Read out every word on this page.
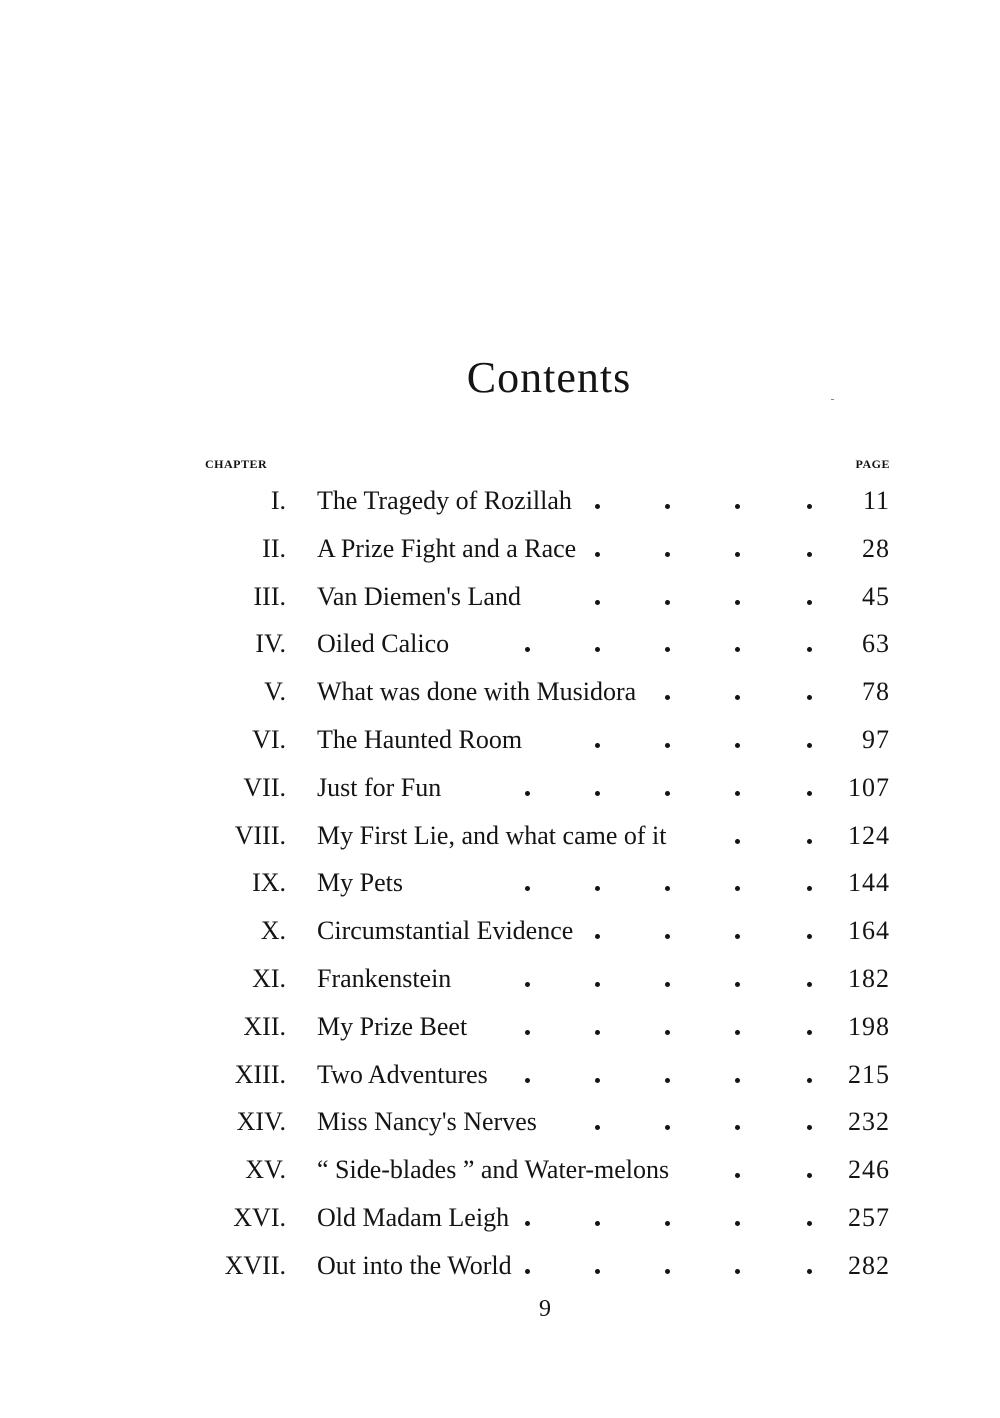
Contents
CHAPTER	PAGE
I. The Tragedy of Rozillah	11
II. A Prize Fight and a Race	28
III. Van Diemen's Land	45
IV. Oiled Calico	63
V. What was done with Musidora	78
VI. The Haunted Room	97
VII. Just for Fun	107
VIII. My First Lie, and what came of it	124
IX. My Pets	144
X. Circumstantial Evidence	164
XI. Frankenstein	182
XII. My Prize Beet	198
XIII. Two Adventures	215
XIV. Miss Nancy's Nerves	232
XV. “ Side-blades ” and Water-melons	246
XVI. Old Madam Leigh	257
XVII. Out into the World	282
9
